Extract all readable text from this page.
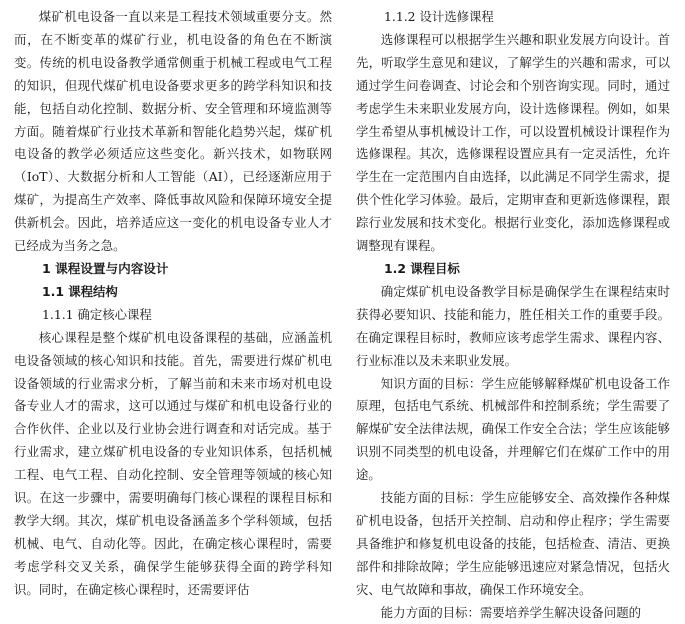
煤矿机电设备一直以来是工程技术领域重要分支。然而，在不断变革的煤矿行业，机电设备的角色在不断演变。传统的机电设备教学通常侧重于机械工程或电气工程的知识，但现代煤矿机电设备要求更多的跨学科知识和技能，包括自动化控制、数据分析、安全管理和环境监测等方面。随着煤矿行业技术革新和智能化趋势兴起，煤矿机电设备的教学必须适应这些变化。新兴技术，如物联网（IoT）、大数据分析和人工智能（AI），已经逐渐应用于煤矿，为提高生产效率、降低事故风险和保障环境安全提供新机会。因此，培养适应这一变化的机电设备专业人才已经成为当务之急。

1 课程设置与内容设计
1.1 课程结构
1.1.1 确定核心课程

核心课程是整个煤矿机电设备课程的基础，应涵盖机电设备领域的核心知识和技能。首先，需要进行煤矿机电设备领域的行业需求分析，了解当前和未来市场对机电设备专业人才的需求，这可以通过与煤矿和机电设备行业的合作伙伴、企业以及行业协会进行调查和对话完成。基于行业需求，建立煤矿机电设备的专业知识体系，包括机械工程、电气工程、自动化控制、安全管理等领域的核心知识。在这一步骤中，需要明确每门核心课程的课程目标和教学大纲。其次，煤矿机电设备涵盖多个学科领域，包括机械、电气、自动化等。因此，在确定核心课程时，需要考虑学科交叉关系，确保学生能够获得全面的跨学科知识。同时，在确定核心课程时，还需要评估

1.1.2 设计选修课程

选修课程可以根据学生兴趣和职业发展方向设计。首先，听取学生意见和建议，了解学生的兴趣和需求，可以通过学生问卷调查、讨论会和个别咨询实现。同时，通过考虑学生未来职业发展方向，设计选修课程。例如，如果学生希望从事机械设计工作，可以设置机械设计课程作为选修课程。其次，选修课程设置应具有一定灵活性，允许学生在一定范围内自由选择，以此满足不同学生需求，提供个性化学习体验。最后，定期审查和更新选修课程，跟踪行业发展和技术变化。根据行业变化，添加选修课程或调整现有课程。

1.2 课程目标

确定煤矿机电设备教学目标是确保学生在课程结束时获得必要知识、技能和能力，胜任相关工作的重要手段。在确定课程目标时，教师应该考虑学生需求、课程内容、行业标准以及未来职业发展。

知识方面的目标：学生应能够解释煤矿机电设备工作原理，包括电气系统、机械部件和控制系统；学生需要了解煤矿安全法律法规，确保工作安全合法；学生应该能够识别不同类型的机电设备，并理解它们在煤矿工作中的用途。

技能方面的目标：学生应能够安全、高效操作各种煤矿机电设备，包括开关控制、启动和停止程序；学生需要具备维护和修复机电设备的技能，包括检查、清洁、更换部件和排除故障；学生应能够迅速应对紧急情况，包括火灾、电气故障和事故，确保工作环境安全。

能力方面的目标：需要培养学生解决设备问题的
